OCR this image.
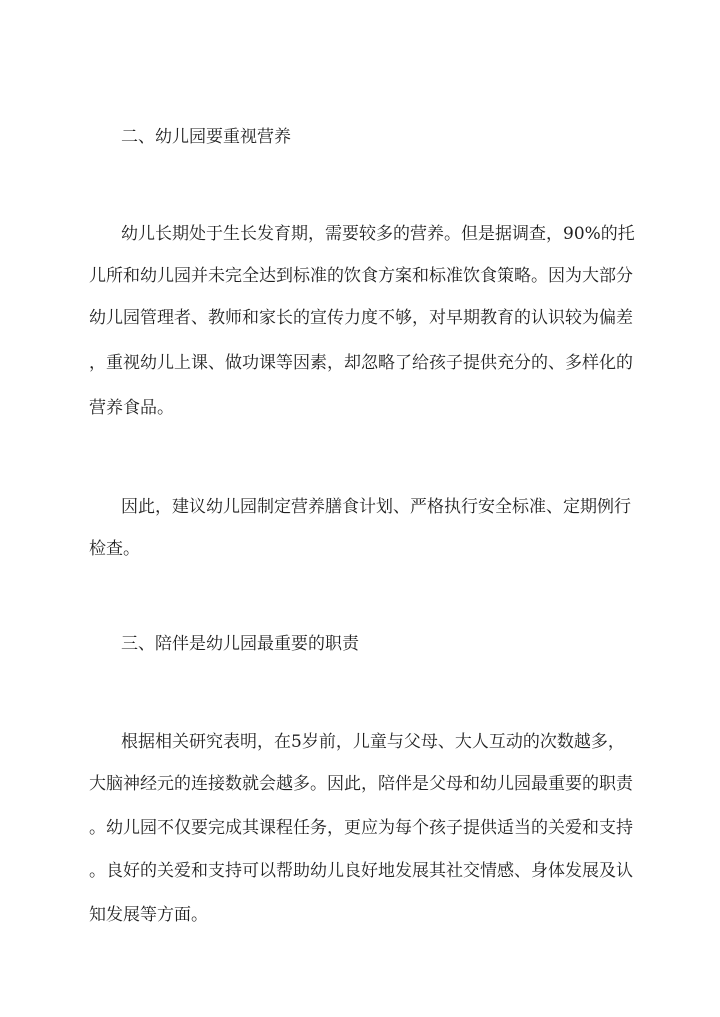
二、幼儿园要重视营养
幼儿长期处于生长发育期，需要较多的营养。但是据调查，90%的托
儿所和幼儿园并未完全达到标准的饮食方案和标准饮食策略。因为大部分
幼儿园管理者、教师和家长的宣传力度不够，对早期教育的认识较为偏差
，重视幼儿上课、做功课等因素，却忽略了给孩子提供充分的、多样化的
营养食品。
因此，建议幼儿园制定营养膳食计划、严格执行安全标准、定期例行
检查。
三、陪伴是幼儿园最重要的职责
根据相关研究表明，在5岁前，儿童与父母、大人互动的次数越多，
大脑神经元的连接数就会越多。因此，陪伴是父母和幼儿园最重要的职责
。幼儿园不仅要完成其课程任务，更应为每个孩子提供适当的关爱和支持
。良好的关爱和支持可以帮助幼儿良好地发展其社交情感、身体发展及认
知发展等方面。
